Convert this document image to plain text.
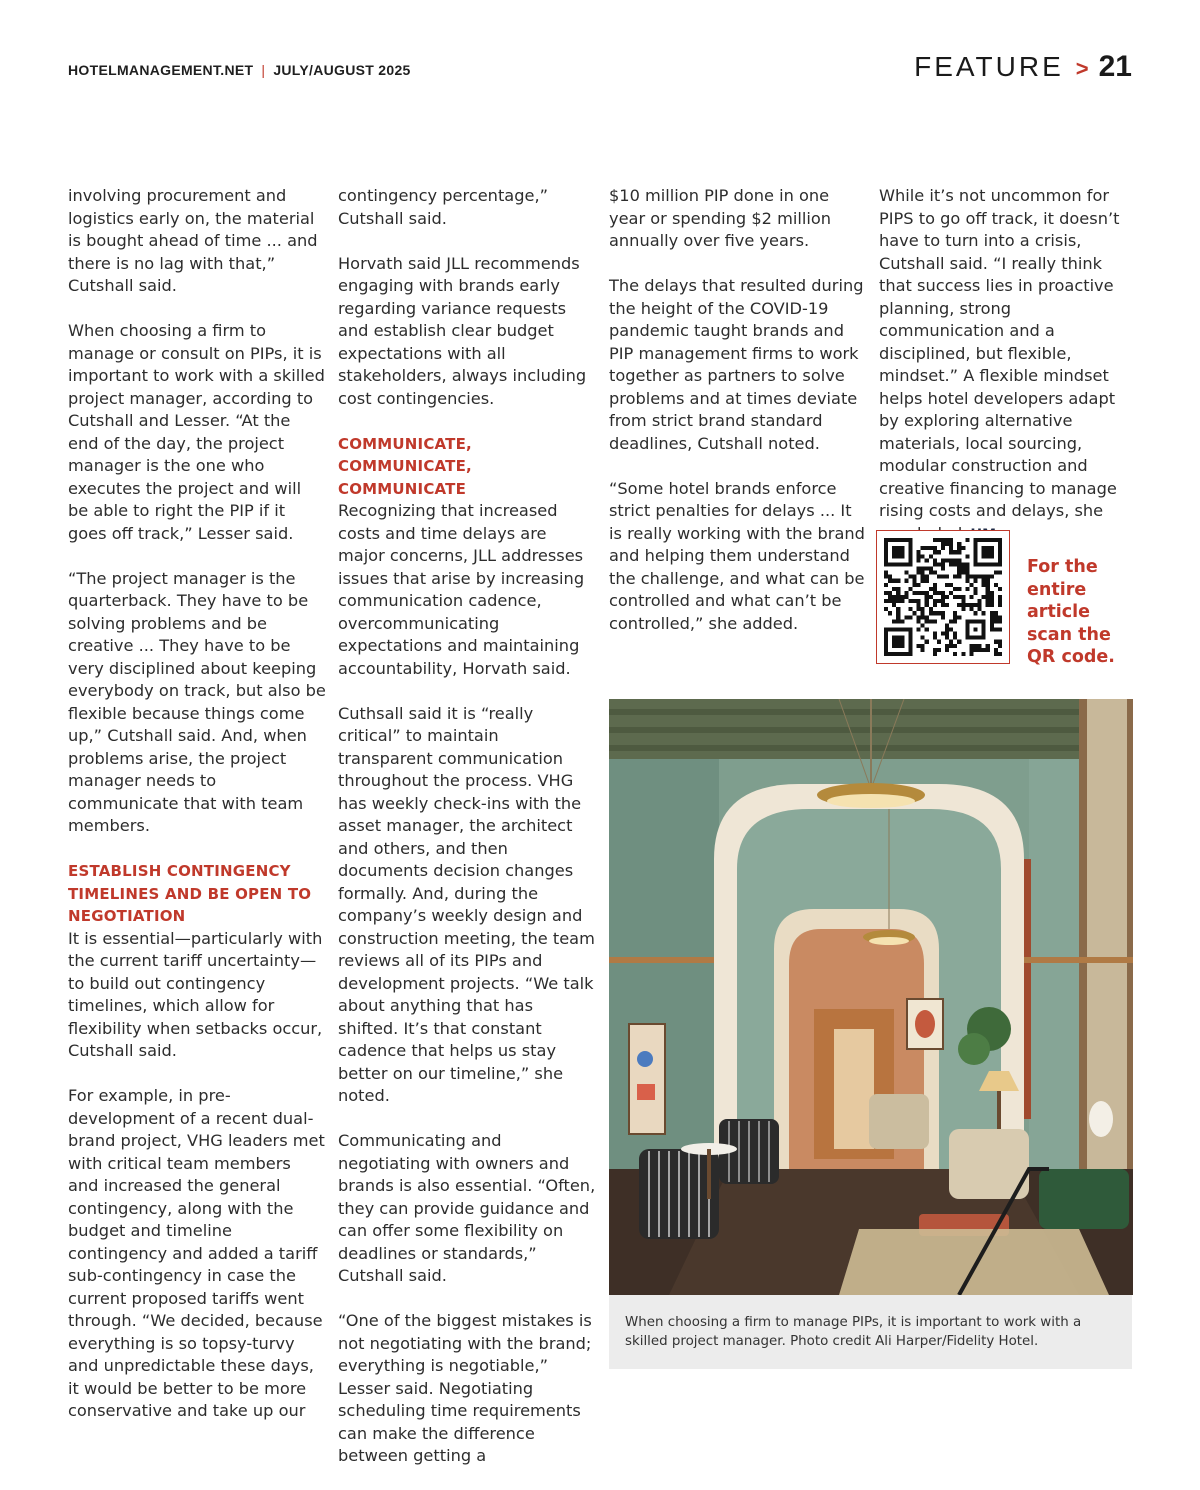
HOTELMANAGEMENT.NET | JULY/AUGUST 2025	FEATURE > 21

involving procurement and logistics early on, the material is bought ahead of time ... and there is no lag with that,” Cutshall said.

When choosing a firm to manage or consult on PIPs, it is important to work with a skilled project manager, according to Cutshall and Lesser. “At the end of the day, the project manager is the one who executes the project and will be able to right the PIP if it goes off track,” Lesser said.

“The project manager is the quarterback. They have to be solving problems and be creative ... They have to be very disciplined about keeping everybody on track, but also be flexible because things come up,” Cutshall said. And, when problems arise, the project manager needs to communicate that with team members.

ESTABLISH CONTINGENCY TIMELINES AND BE OPEN TO NEGOTIATION
It is essential—particularly with the current tariff uncertainty—to build out contingency timelines, which allow for flexibility when setbacks occur, Cutshall said.

For example, in pre-development of a recent dual-brand project, VHG leaders met with critical team members and increased the general contingency, along with the budget and timeline contingency and added a tariff sub-contingency in case the current proposed tariffs went through. “We decided, because everything is so topsy-turvy and unpredictable these days, it would be better to be more conservative and take up our

contingency percentage,” Cutshall said.

Horvath said JLL recommends engaging with brands early regarding variance requests and establish clear budget expectations with all stakeholders, always including cost contingencies.

COMMUNICATE, COMMUNICATE, COMMUNICATE
Recognizing that increased costs and time delays are major concerns, JLL addresses issues that arise by increasing communication cadence, overcommunicating expectations and maintaining accountability, Horvath said.

Cuthsall said it is “really critical” to maintain transparent communication throughout the process. VHG has weekly check-ins with the asset manager, the architect and others, and then documents decision changes formally. And, during the company’s weekly design and construction meeting, the team reviews all of its PIPs and development projects. “We talk about anything that has shifted. It’s that constant cadence that helps us stay better on our timeline,” she noted.

Communicating and negotiating with owners and brands is also essential. “Often, they can provide guidance and can offer some flexibility on deadlines or standards,” Cutshall said.

“One of the biggest mistakes is not negotiating with the brand; everything is negotiable,” Lesser said. Negotiating scheduling time requirements can make the difference between getting a

$10 million PIP done in one year or spending $2 million annually over five years.

The delays that resulted during the height of the COVID-19 pandemic taught brands and PIP management firms to work together as partners to solve problems and at times deviate from strict brand standard deadlines, Cutshall noted.

“Some hotel brands enforce strict penalties for delays ... It is really working with the brand and helping them understand the challenge, and what can be controlled and what can’t be controlled,” she added.

While it’s not uncommon for PIPS to go off track, it doesn’t have to turn into a crisis, Cutshall said. “I really think that success lies in proactive planning, strong communication and a disciplined, but flexible, mindset.” A flexible mindset helps hotel developers adapt by exploring alternative materials, local sourcing, modular construction and creative financing to manage rising costs and delays, she

For the entire article scan the QR code.
When choosing a firm to manage PIPs, it is important to work with a skilled project manager. Photo credit Ali Harper/Fidelity Hotel.
